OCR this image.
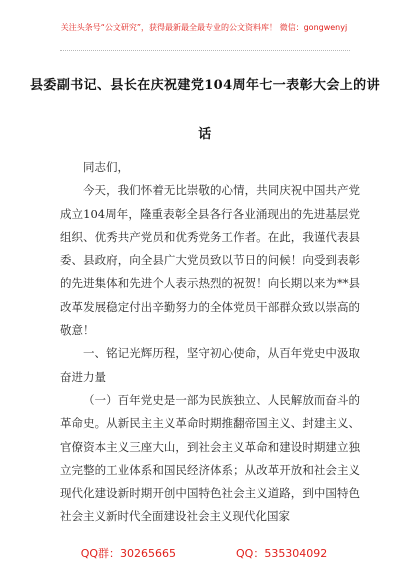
关注头条号“公文研究”，获得最新最全最专业的公文资料库！ 微信：gongwenyj
县委副书记、县长在庆祝建党104周年七一表彰大会上的讲
话

同志们，

今天，我们怀着无比崇敬的心情，共同庆祝中国共产党成立104周年，隆重表彰全县各行各业涌现出的先进基层党组织、优秀共产党员和优秀党务工作者。在此，我谨代表县委、县政府，向全县广大党员致以节日的问候！向受到表彰的先进集体和先进个人表示热烈的祝贺！向长期以来为**县改革发展稳定付出辛勤努力的全体党员干部群众致以崇高的敬意！

一、铭记光辉历程，坚守初心使命，从百年党史中汲取奋进力量

（一）百年党史是一部为民族独立、人民解放而奋斗的革命史。从新民主主义革命时期推翻帝国主义、封建主义、官僚资本主义三座大山，到社会主义革命和建设时期建立独立完整的工业体系和国民经济体系；从改革开放和社会主义现代化建设新时期开创中国特色社会主义道路，到中国特色社会主义新时代全面建设社会主义现代化国家

QQ群：30265665	QQ：535304092
